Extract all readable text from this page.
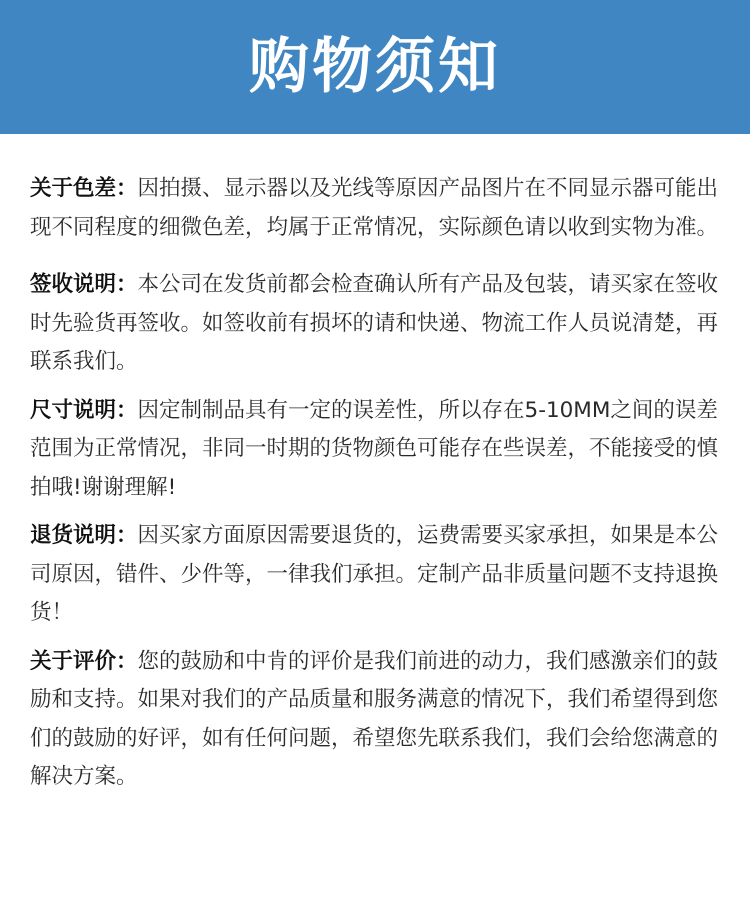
购物须知

关于色差：因拍摄、显示器以及光线等原因产品图片在不同显示器可能出现不同程度的细微色差，均属于正常情况，实际颜色请以收到实物为准。

签收说明：本公司在发货前都会检查确认所有产品及包装，请买家在签收时先验货再签收。如签收前有损坏的请和快递、物流工作人员说清楚，再联系我们。

尺寸说明：因定制制品具有一定的误差性，所以存在5-10MM之间的误差范围为正常情况，非同一时期的货物颜色可能存在些误差，不能接受的慎拍哦!谢谢理解!

退货说明：因买家方面原因需要退货的，运费需要买家承担，如果是本公司原因，错件、少件等，一律我们承担。定制产品非质量问题不支持退换货！

关于评价：您的鼓励和中肯的评价是我们前进的动力，我们感激亲们的鼓励和支持。如果对我们的产品质量和服务满意的情况下，我们希望得到您们的鼓励的好评，如有任何问题，希望您先联系我们，我们会给您满意的解决方案。
